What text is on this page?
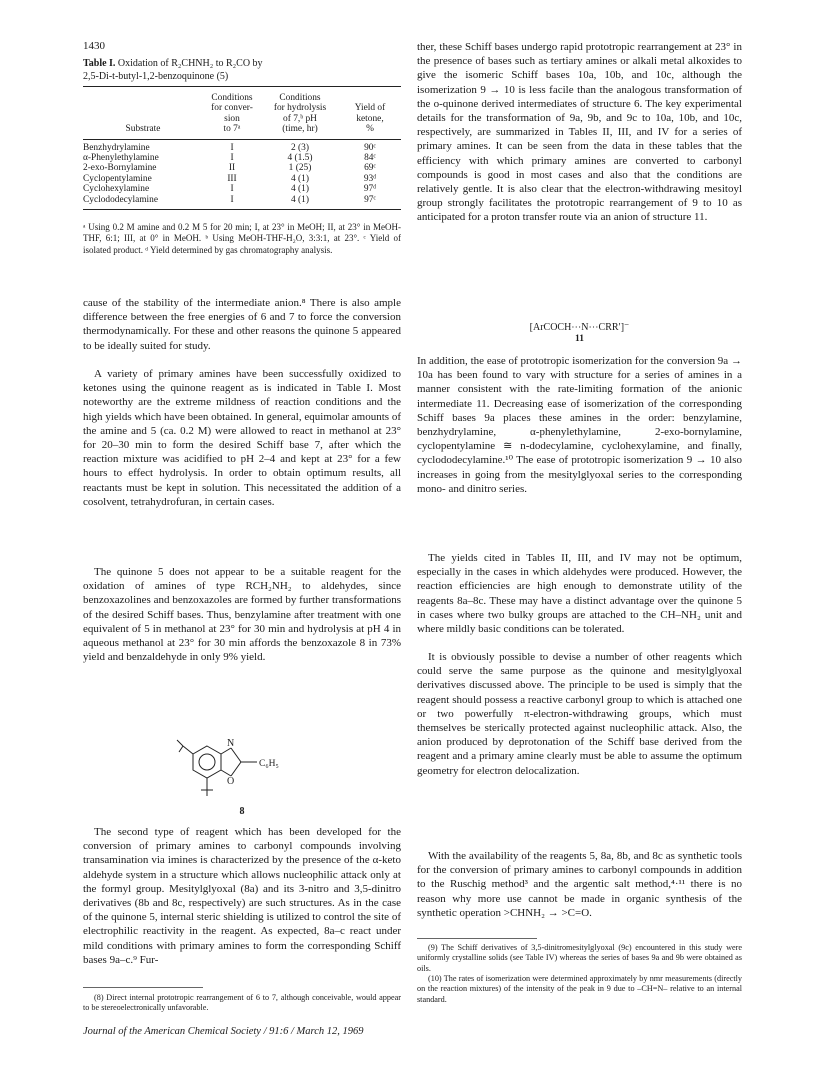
1430
Table I. Oxidation of R₂CHNH₂ to R₂CO by
2,5-Di-t-butyl-1,2-benzoquinone (5)
Substrate	Conditions
for conver-
sion
to 7ᵃ	Conditions
for hydrolysis
of 7,ᵇ pH
(time, hr)	Yield of
ketone,
%

Benzhydrylamine	I	2 (3)	90ᶜ
α-Phenylethylamine	I	4 (1.5)	84ᶜ
2-exo-Bornylamine	II	1 (25)	69ᶜ
Cyclopentylamine	III	4 (1)	93ᵈ
Cyclohexylamine	I	4 (1)	97ᵈ
Cyclododecylamine	I	4 (1)	97ᶜ

ᵃ Using 0.2 M amine and 0.2 M 5 for 20 min; I, at 23° in MeOH; II, at 23° in MeOH-THF, 6:1; III, at 0° in MeOH. ᵇ Using MeOH-THF-H₂O, 3:3:1, at 23°. ᶜ Yield of isolated product. ᵈ Yield determined by gas chromatography analysis.

cause of the stability of the intermediate anion.⁸ There is also ample difference between the free energies of 6 and 7 to force the conversion thermodynamically. For these and other reasons the quinone 5 appeared to be ideally suited for study.

A variety of primary amines have been successfully oxidized to ketones using the quinone reagent as is indicated in Table I. Most noteworthy are the extreme mildness of reaction conditions and the high yields which have been obtained. In general, equimolar amounts of the amine and 5 (ca. 0.2 M) were allowed to react in methanol at 23° for 20–30 min to form the desired Schiff base 7, after which the reaction mixture was acidified to pH 2–4 and kept at 23° for a few hours to effect hydrolysis. In order to obtain optimum results, all reactants must be kept in solution. This necessitated the addition of a cosolvent, tetrahydrofuran, in certain cases.

The quinone 5 does not appear to be a suitable reagent for the oxidation of amines of type RCH₂NH₂ to aldehydes, since benzoxazolines and benzoxazoles are formed by further transformations of the desired Schiff bases. Thus, benzylamine after treatment with one equivalent of 5 in methanol at 23° for 30 min and hydrolysis at pH 4 in aqueous methanol at 23° for 30 min affords the benzoxazole 8 in 73% yield and benzaldehyde in only 9% yield.

N
O
C₆H₅
8

The second type of reagent which has been developed for the conversion of primary amines to carbonyl compounds involving transamination via imines is characterized by the presence of the α-keto aldehyde system in a structure which allows nucleophilic attack only at the formyl group. Mesitylglyoxal (8a) and its 3-nitro and 3,5-dinitro derivatives (8b and 8c, respectively) are such structures. As in the case of the quinone 5, internal steric shielding is utilized to control the site of electrophilic reactivity in the reagent. As expected, 8a–c react under mild conditions with primary amines to form the corresponding Schiff bases 9a–c.⁹ Fur-

(8) Direct internal prototropic rearrangement of 6 to 7, although conceivable, would appear to be stereoelectronically unfavorable.

ther, these Schiff bases undergo rapid prototropic rearrangement at 23° in the presence of bases such as tertiary amines or alkali metal alkoxides to give the isomeric Schiff bases 10a, 10b, and 10c, although the isomerization 9 → 10 is less facile than the analogous transformation of the o-quinone derived intermediates of structure 6. The key experimental details for the transformation of 9a, 9b, and 9c to 10a, 10b, and 10c, respectively, are summarized in Tables II, III, and IV for a series of primary amines. It can be seen from the data in these tables that the efficiency with which primary amines are converted to carbonyl compounds is good in most cases and also that the conditions are relatively gentle. It is also clear that the electron-withdrawing mesitoyl group strongly facilitates the prototropic rearrangement of 9 to 10 as anticipated for a proton transfer route via an anion of structure 11.

[ArCOCH⋯N⋯CRR′]⁻
11

In addition, the ease of prototropic isomerization for the conversion 9a → 10a has been found to vary with structure for a series of amines in a manner consistent with the rate-limiting formation of the anionic intermediate 11. Decreasing ease of isomerization of the corresponding Schiff bases 9a places these amines in the order: benzylamine, benzhydrylamine, α-phenylethylamine, 2-exo-bornylamine, cyclopentylamine ≅ n-dodecylamine, cyclohexylamine, and finally, cyclododecylamine.¹⁰ The ease of prototropic isomerization 9 → 10 also increases in going from the mesitylglyoxal series to the corresponding mono- and dinitro series.

The yields cited in Tables II, III, and IV may not be optimum, especially in the cases in which aldehydes were produced. However, the reaction efficiencies are high enough to demonstrate utility of the reagents 8a–8c. These may have a distinct advantage over the quinone 5 in cases where two bulky groups are attached to the CH–NH₂ unit and where mildly basic conditions can be tolerated.

It is obviously possible to devise a number of other reagents which could serve the same purpose as the quinone and mesitylglyoxal derivatives discussed above. The principle to be used is simply that the reagent should possess a reactive carbonyl group to which is attached one or two powerfully π-electron-withdrawing groups, which must themselves be sterically protected against nucleophilic attack. Also, the anion produced by deprotonation of the Schiff base derived from the reagent and a primary amine clearly must be able to assume the optimum geometry for electron delocalization.

With the availability of the reagents 5, 8a, 8b, and 8c as synthetic tools for the conversion of primary amines to carbonyl compounds in addition to the Ruschig method³ and the argentic salt method,⁴·¹¹ there is no reason why more use cannot be made in organic synthesis of the synthetic operation >CHNH₂ → >C=O.

(9) The Schiff derivatives of 3,5-dinitromesitylglyoxal (9c) encountered in this study were uniformly crystalline solids (see Table IV) whereas the series of bases 9a and 9b were obtained as oils.
(10) The rates of isomerization were determined approximately by nmr measurements (directly on the reaction mixtures) of the intensity of the peak in 9 due to –CH=N– relative to an internal standard.
Journal of the American Chemical Society / 91:6 / March 12, 1969
